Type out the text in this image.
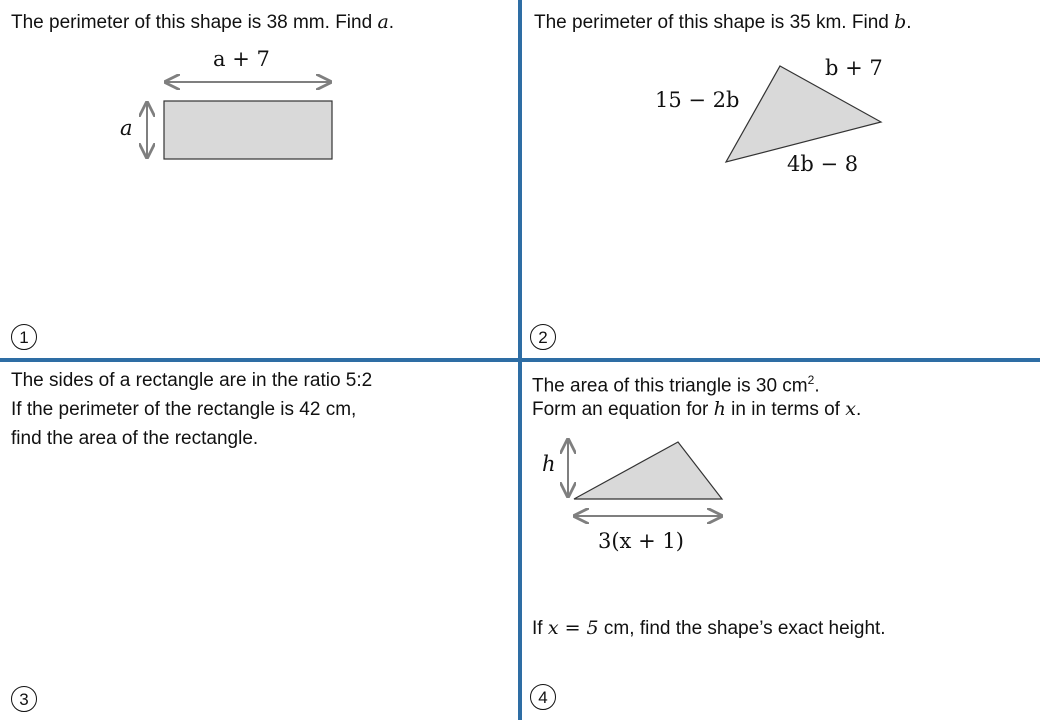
The perimeter of this shape is 38 mm. Find a.
a + 7
a
1
The perimeter of this shape is 35 km. Find b.
15 − 2b
b + 7
4b − 8
2
The sides of a rectangle are in the ratio 5:2
If the perimeter of the rectangle is 42 cm,
find the area of the rectangle.
3
The area of this triangle is 30 $cm^2$.
Form an equation for h in in terms of x.
h
3(x + 1)
If x = 5 cm, find the shape’s exact height.
4
